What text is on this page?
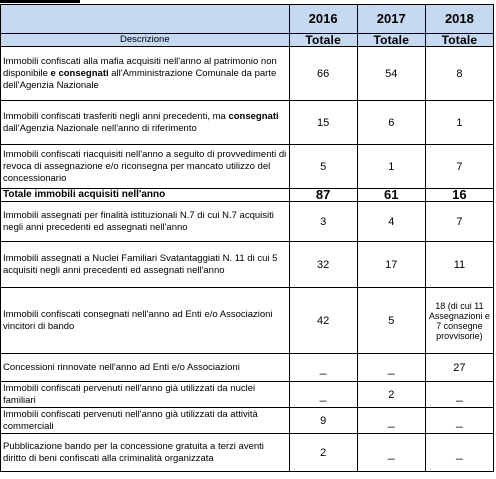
	2016	2017	2018
Descrizione	Totale	Totale	Totale
Immobili confiscati alla mafia acquisiti nell'anno al patrimonio non disponibile e consegnati all'Amministrazione Comunale da parte dell'Agenzia Nazionale	66	54	8
Immobili confiscati trasferiti negli anni precedenti, ma consegnati dall'Agenzia Nazionale nell'anno di riferimento	15	6	1
Immobili confiscati riacquisiti nell'anno a seguito di provvedimenti di revoca di assegnazione e/o riconsegna per mancato utilizzo del concessionario	5	1	7
Totale immobili acquisiti nell'anno	87	61	16
Immobili assegnati per finalità istituzionali N.7 di cui N.7 acquisiti negli anni precedenti ed assegnati nell'anno	3	4	7
Immobili assegnati a Nuclei Familiari Svatantaggiati N. 11 di cui 5 acquisiti negli anni precedenti ed assegnati nell'anno	32	17	11
Immobili confiscati consegnati nell'anno ad Enti e/o Associazioni vincitori di bando	42	5	18 (di cui 11 Assegnazioni e 7 consegne provvisorie)
Concessioni rinnovate nell'anno ad Enti e/o Associazioni	_	_	27
Immobili confiscati pervenuti nell'anno già utilizzati da nuclei familiari	_	2	_
Immobili confiscati pervenuti nell'anno già utilizzati da attività commerciali	9	_	_
Pubblicazione bando per la concessione gratuita a terzi aventi diritto di beni confiscati alla criminalità organizzata	2	_	_
